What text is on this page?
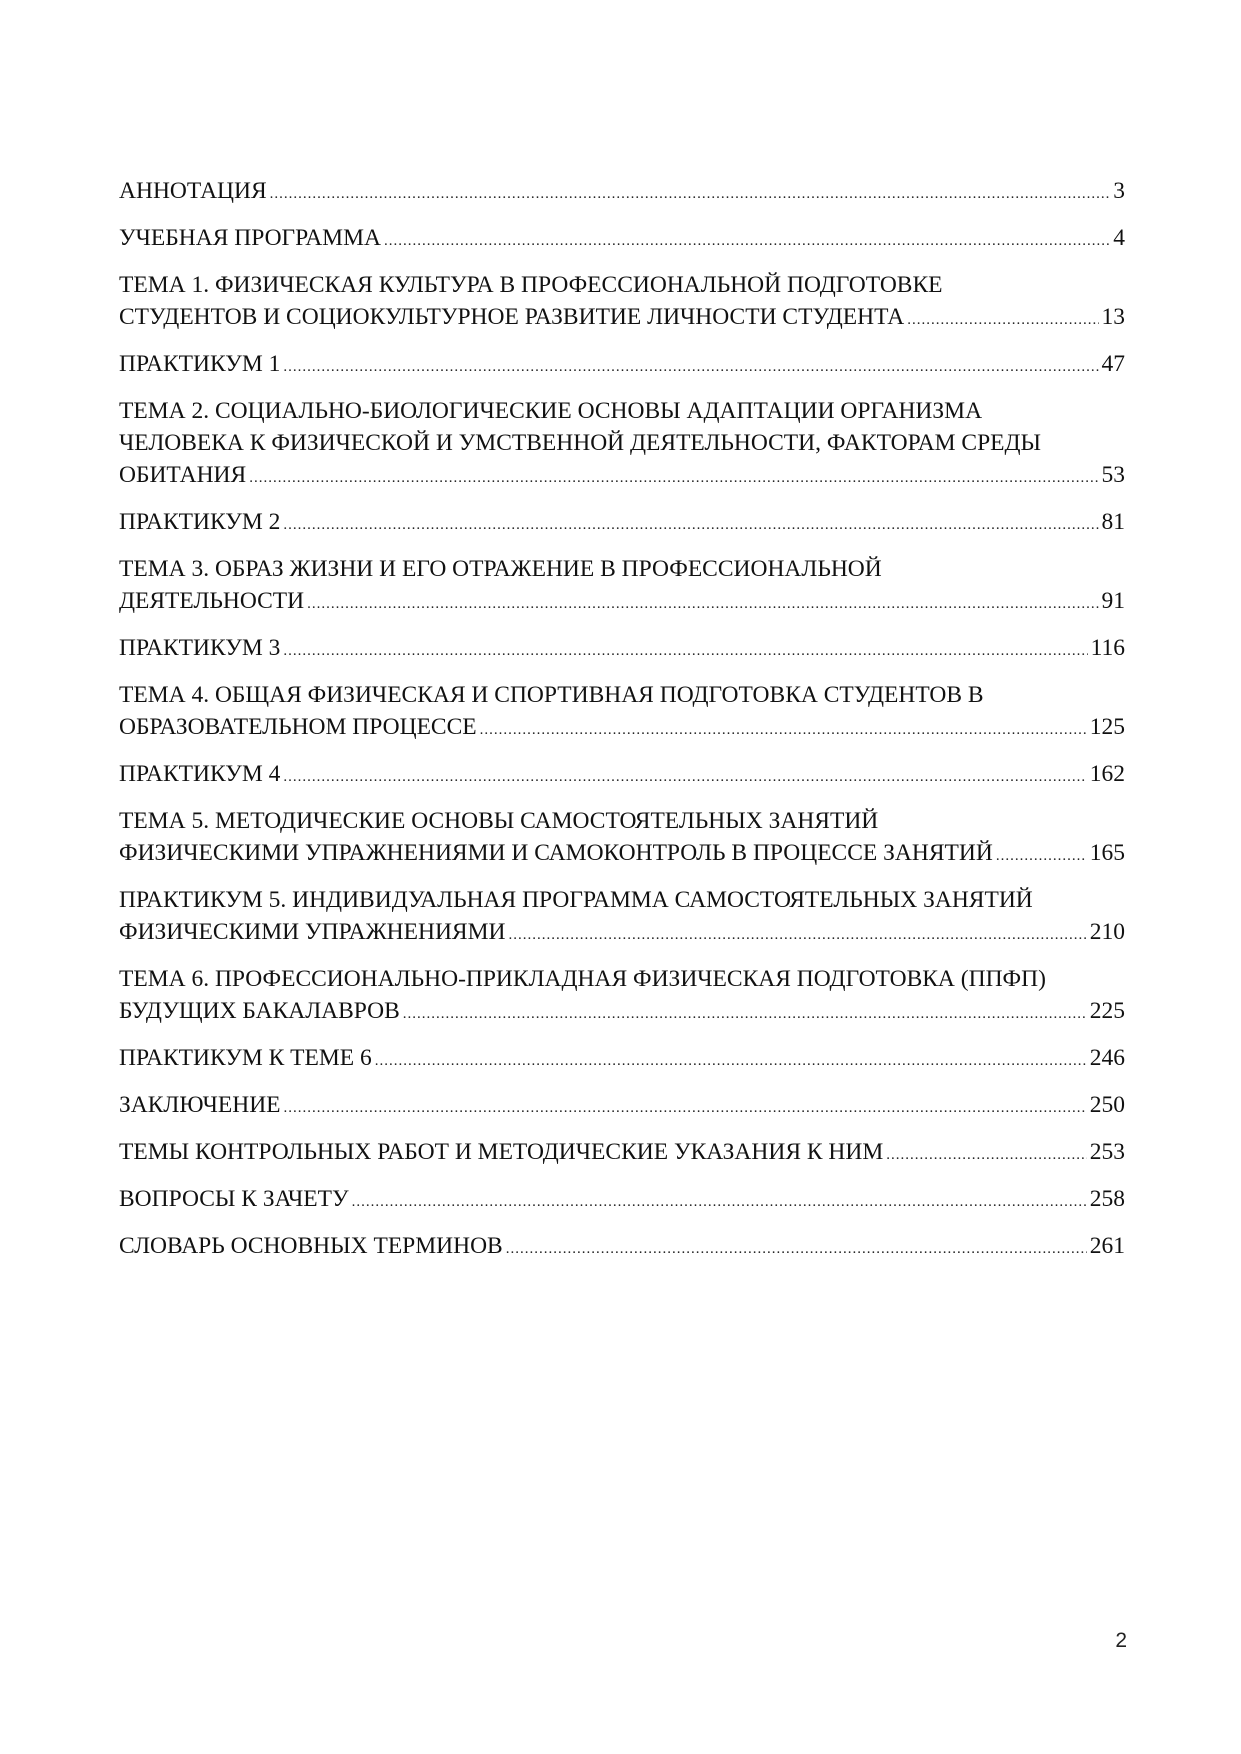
АННОТАЦИЯ .....	3
УЧЕБНАЯ ПРОГРАММА .....	4
ТЕМА 1. ФИЗИЧЕСКАЯ КУЛЬТУРА В ПРОФЕССИОНАЛЬНОЙ ПОДГОТОВКЕ
СТУДЕНТОВ И СОЦИОКУЛЬТУРНОЕ РАЗВИТИЕ ЛИЧНОСТИ СТУДЕНТА .....	13
ПРАКТИКУМ 1 .....	47
ТЕМА 2. СОЦИАЛЬНО-БИОЛОГИЧЕСКИЕ ОСНОВЫ АДАПТАЦИИ ОРГАНИЗМА
ЧЕЛОВЕКА К ФИЗИЧЕСКОЙ И УМСТВЕННОЙ ДЕЯТЕЛЬНОСТИ, ФАКТОРАМ СРЕДЫ
ОБИТАНИЯ .....	53
ПРАКТИКУМ 2 .....	81
ТЕМА 3. ОБРАЗ ЖИЗНИ И ЕГО ОТРАЖЕНИЕ В ПРОФЕССИОНАЛЬНОЙ
ДЕЯТЕЛЬНОСТИ .....	91
ПРАКТИКУМ 3 .....	116
ТЕМА 4. ОБЩАЯ ФИЗИЧЕСКАЯ И СПОРТИВНАЯ ПОДГОТОВКА СТУДЕНТОВ В
ОБРАЗОВАТЕЛЬНОМ ПРОЦЕССЕ .....	125
ПРАКТИКУМ 4 .....	162
ТЕМА 5. МЕТОДИЧЕСКИЕ ОСНОВЫ САМОСТОЯТЕЛЬНЫХ ЗАНЯТИЙ
ФИЗИЧЕСКИМИ УПРАЖНЕНИЯМИ И САМОКОНТРОЛЬ В ПРОЦЕССЕ ЗАНЯТИЙ .....	165
ПРАКТИКУМ 5. ИНДИВИДУАЛЬНАЯ ПРОГРАММА САМОСТОЯТЕЛЬНЫХ ЗАНЯТИЙ
ФИЗИЧЕСКИМИ УПРАЖНЕНИЯМИ .....	210
ТЕМА 6. ПРОФЕССИОНАЛЬНО-ПРИКЛАДНАЯ ФИЗИЧЕСКАЯ ПОДГОТОВКА (ППФП)
БУДУЩИХ БАКАЛАВРОВ .....	225
ПРАКТИКУМ К ТЕМЕ 6 .....	246
ЗАКЛЮЧЕНИЕ .....	250
ТЕМЫ КОНТРОЛЬНЫХ РАБОТ И МЕТОДИЧЕСКИЕ УКАЗАНИЯ К НИМ .....	253
ВОПРОСЫ К ЗАЧЕТУ .....	258
СЛОВАРЬ ОСНОВНЫХ ТЕРМИНОВ .....	261
2
